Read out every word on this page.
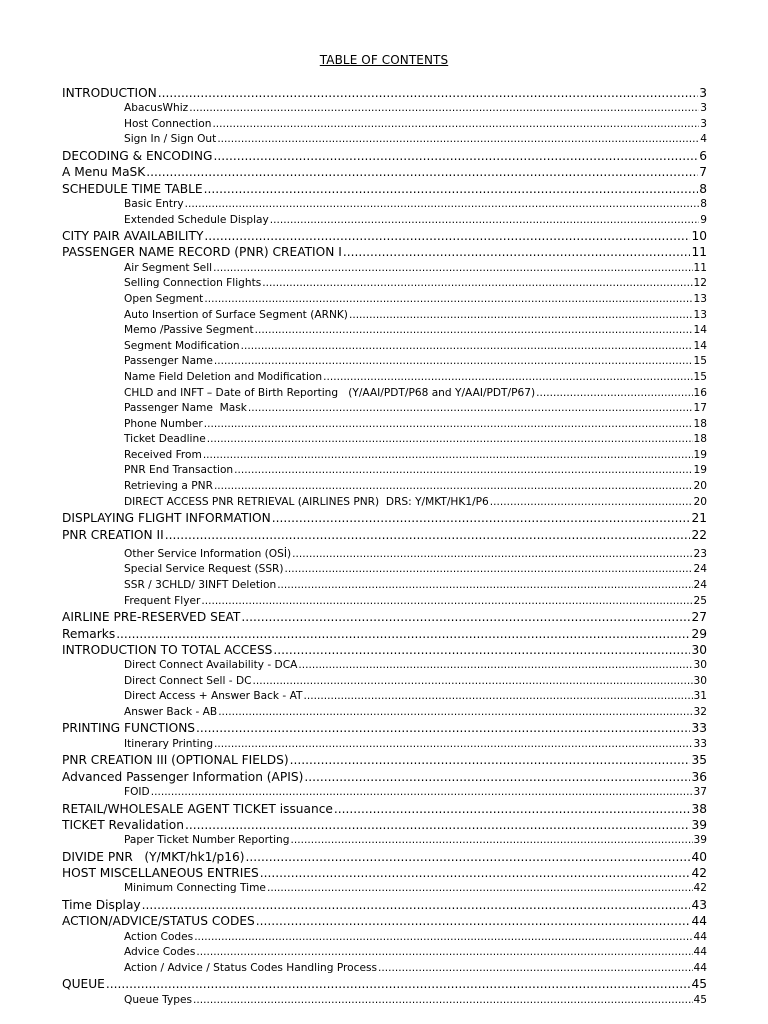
TABLE OF CONTENTS
INTRODUCTION .....	3
AbacusWhiz .....	3
Host Connection .....	3
Sign In / Sign Out .....	4
DECODING & ENCODING .....	6
A Menu MaSK .....	7
SCHEDULE TIME TABLE .....	8
Basic Entry .....	8
Extended Schedule Display .....	9
CITY PAIR AVAILABILITY .....	10
PASSENGER NAME RECORD (PNR) CREATION I .....	11
Air Segment Sell .....	11
Selling Connection Flights .....	12
Open Segment .....	13
Auto Insertion of Surface Segment (ARNK) .....	13
Memo /Passive Segment .....	14
Segment Modification .....	14
Passenger Name .....	15
Name Field Deletion and Modification .....	15
CHLD and INFT – Date of Birth Reporting   (Y/AAI/PDT/P68 and Y/AAI/PDT/P67) .....	16
Passenger Name  Mask .....	17
Phone Number .....	18
Ticket Deadline .....	18
Received From .....	19
PNR End Transaction .....	19
Retrieving a PNR .....	20
DIRECT ACCESS PNR RETRIEVAL (AIRLINES PNR)  DRS: Y/MKT/HK1/P6 .....	20
DISPLAYING FLIGHT INFORMATION .....	21
PNR CREATION II .....	22
Other Service Information (OSİ) .....	23
Special Service Request (SSR) .....	24
SSR / 3CHLD/ 3INFT Deletion .....	24
Frequent Flyer .....	25
AIRLINE PRE-RESERVED SEAT .....	27
Remarks .....	29
INTRODUCTION TO TOTAL ACCESS .....	30
Direct Connect Availability - DCA .....	30
Direct Connect Sell - DC .....	30
Direct Access + Answer Back - AT .....	31
Answer Back - AB .....	32
PRINTING FUNCTIONS .....	33
Itinerary Printing .....	33
PNR CREATION III (OPTIONAL FIELDS) .....	35
Advanced Passenger Information (APIS) .....	36
FOID .....	37
RETAIL/WHOLESALE AGENT TICKET issuance .....	38
TICKET Revalidation .....	39
Paper Ticket Number Reporting .....	39
DIVIDE PNR   (Y/MKT/hk1/p16) .....	40
HOST MISCELLANEOUS ENTRIES .....	42
Minimum Connecting Time .....	42
Time Display .....	43
ACTION/ADVICE/STATUS CODES .....	44
Action Codes .....	44
Advice Codes .....	44
Action / Advice / Status Codes Handling Process .....	44
QUEUE .....	45
Queue Types .....	45
